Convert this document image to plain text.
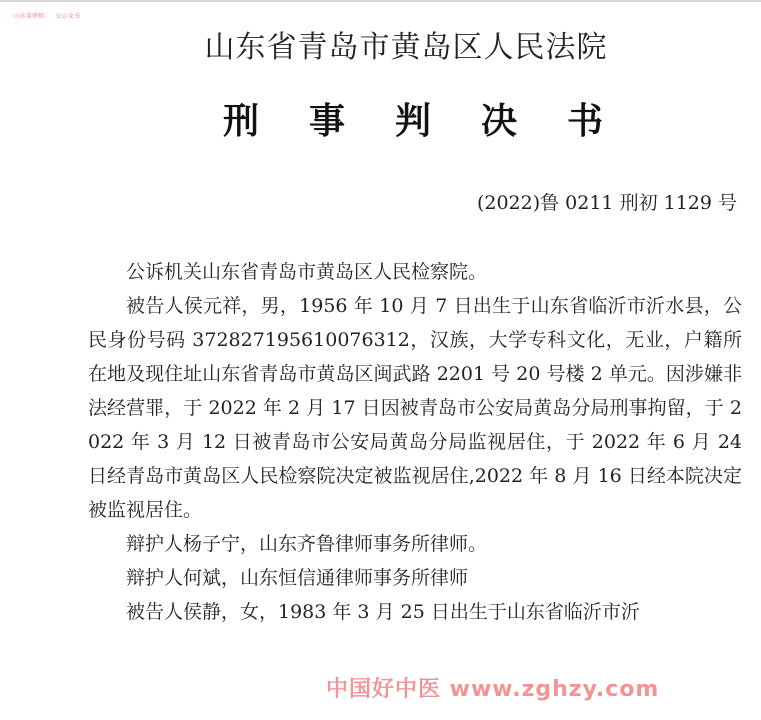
山东省律师 公示文书
山东省青岛市黄岛区人民法院
刑 事 判 决 书
(2022)鲁 0211 刑初 1129 号

公诉机关山东省青岛市黄岛区人民检察院。

被告人侯元祥，男，1956 年 10 月 7 日出生于山东省临沂市沂水县，公民身份号码 372827195610076312，汉族，大学专科文化，无业，户籍所在地及现住址山东省青岛市黄岛区闽武路 2201 号 20 号楼 2 单元。因涉嫌非法经营罪，于 2022 年 2 月 17 日因被青岛市公安局黄岛分局刑事拘留，于 2022 年 3 月 12 日被青岛市公安局黄岛分局监视居住，于 2022 年 6 月 24 日经青岛市黄岛区人民检察院决定被监视居住,2022 年 8 月 16 日经本院决定被监视居住。

辩护人杨子宁，山东齐鲁律师事务所律师。

辩护人何斌，山东恒信通律师事务所律师

被告人侯静，女，1983 年 3 月 25 日出生于山东省临沂市沂

中国好中医 www.zghzy.com
